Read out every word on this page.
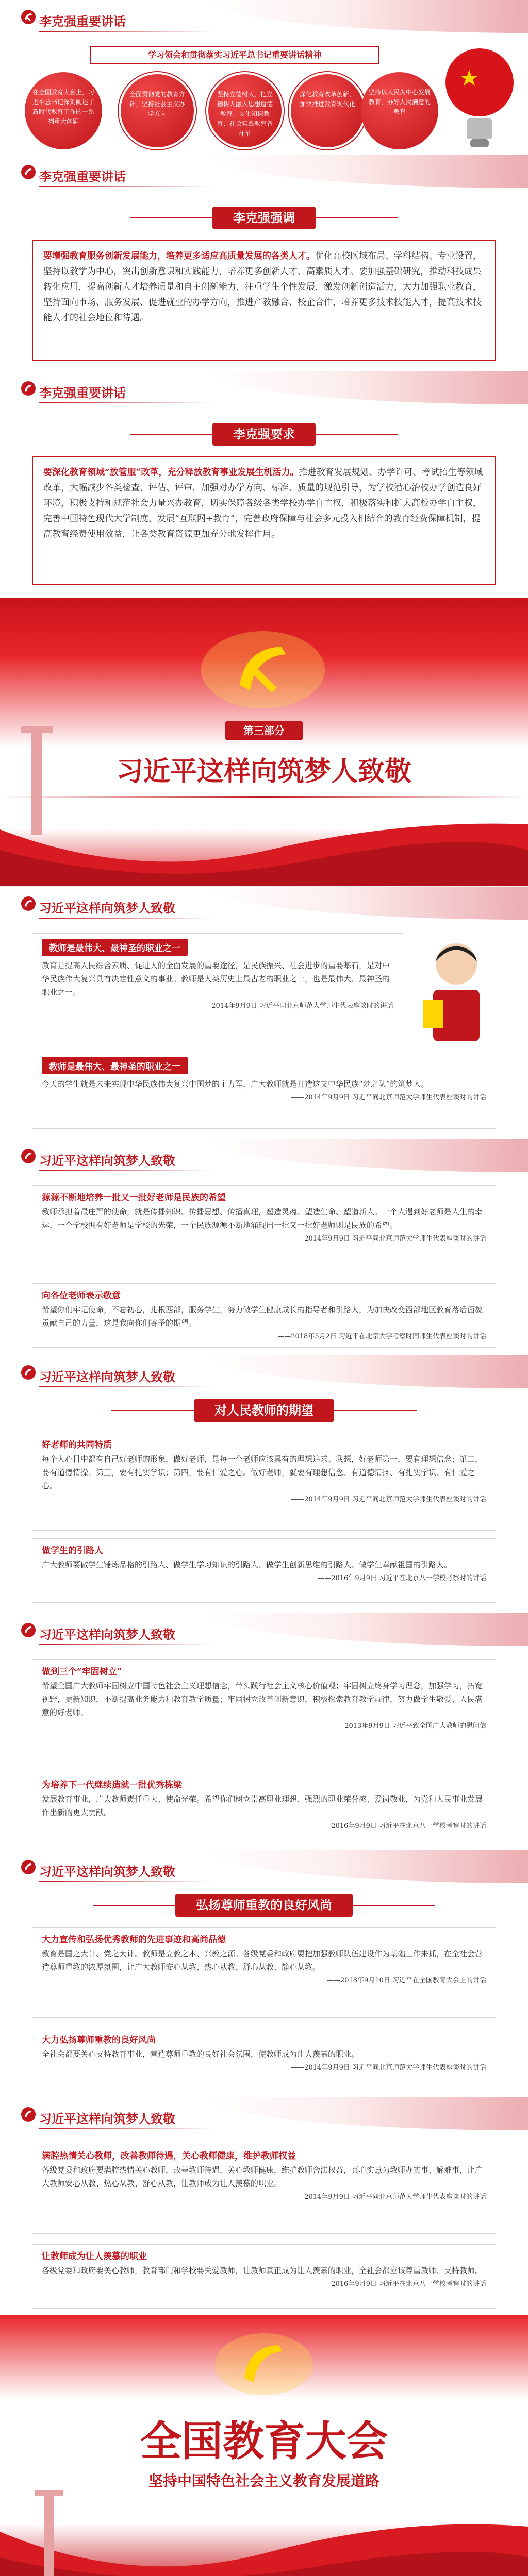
李克强重要讲话
学习领会和贯彻落实习近平总书记重要讲话精神
在全国教育大会上，习近平总书记深刻阐述了新时代教育工作的一系列重大问题
全面贯彻党的教育方针，坚持社会主义办学方向
坚持立德树人，把立德树人融入思想道德教育、文化知识教育、社会实践教育各环节
深化教育改革创新，加快推进教育现代化
坚持以人民为中心发展教育，办好人民满意的教育
李克强重要讲话
李克强强调
要增强教育服务创新发展能力，培养更多适应高质量发展的各类人才。优化高校区域布局、学科结构、专业设置，坚持以教学为中心，突出创新意识和实践能力，培养更多创新人才、高素质人才。要加强基础研究，推动科技成果转化应用，提高创新人才培养质量和自主创新能力，注重学生个性发展，激发创新创造活力，大力加强职业教育，坚持面向市场、服务发展、促进就业的办学方向，推进产教融合、校企合作，培养更多技术技能人才，提高技术技能人才的社会地位和待遇。
李克强重要讲话
李克强要求
要深化教育领域“放管服”改革，充分释放教育事业发展生机活力。推进教育发展规划、办学许可、考试招生等领域改革，大幅减少各类检查、评估、评审，加强对办学方向、标准、质量的规范引导，为学校潜心治校办学创造良好环境，积极支持和规范社会力量兴办教育，切实保障各级各类学校办学自主权，积极落实和扩大高校办学自主权，完善中国特色现代大学制度，发展“互联网+教育”，完善政府保障与社会多元投入相结合的教育经费保障机制，提高教育经费使用效益，让各类教育资源更加充分地发挥作用。
第三部分
习近平这样向筑梦人致敬
习近平这样向筑梦人致敬
教师是最伟大、最神圣的职业之一
教育是提高人民综合素质、促进人的全面发展的重要途径，是民族振兴、社会进步的重要基石，是对中华民族伟大复兴具有决定性意义的事业。教师是人类历史上最古老的职业之一，也是最伟大、最神圣的职业之一。
——2014年9月9日 习近平同北京师范大学师生代表座谈时的讲话
教师是最伟大、最神圣的职业之一
今天的学生就是未来实现中华民族伟大复兴中国梦的主力军，广大教师就是打造这支中华民族“梦之队”的筑梦人。
——2014年9月9日 习近平同北京师范大学师生代表座谈时的讲话
习近平这样向筑梦人致敬
源源不断地培养一批又一批好老师是民族的希望
教师承担着最庄严的使命，就是传播知识、传播思想、传播真理，塑造灵魂、塑造生命、塑造新人。一个人遇到好老师是人生的幸运，一个学校拥有好老师是学校的光荣，一个民族源源不断地涌现出一批又一批好老师则是民族的希望。
——2014年9月9日 习近平同北京师范大学师生代表座谈时的讲话
向各位老师表示敬意
希望你们牢记使命，不忘初心，扎根西部，服务学生，努力做学生健康成长的指导者和引路人，为加快改变西部地区教育落后面貌贡献自己的力量，这是我向你们寄予的期望。
——2018年5月2日 习近平在北京大学考察时同师生代表座谈时的讲话
习近平这样向筑梦人致敬
对人民教师的期望
好老师的共同特质
每个人心目中都有自己好老师的形象，做好老师，是每一个老师应该具有的理想追求。我想，好老师第一，要有理想信念；第二，要有道德情操；第三，要有扎实学识；第四，要有仁爱之心。做好老师，就要有理想信念、有道德情操、有扎实学识、有仁爱之心。
——2014年9月9日 习近平同北京师范大学师生代表座谈时的讲话
做学生的引路人
广大教师要做学生锤炼品格的引路人、做学生学习知识的引路人、做学生创新思维的引路人、做学生奉献祖国的引路人。
——2016年9月9日 习近平在北京八一学校考察时的讲话
习近平这样向筑梦人致敬
做到三个“牢固树立”
希望全国广大教师牢固树立中国特色社会主义理想信念，带头践行社会主义核心价值观；牢固树立终身学习理念，加强学习，拓宽视野，更新知识，不断提高业务能力和教育教学质量；牢固树立改革创新意识，积极探索教育教学规律，努力做学生敬爱、人民满意的好老师。
——2013年9月9日 习近平致全国广大教师的慰问信
为培养下一代继续造就一批优秀栋梁
发展教育事业，广大教师责任重大、使命光荣。希望你们树立崇高职业理想、强烈的职业荣誉感、爱岗敬业，为党和人民事业发展作出新的更大贡献。
——2016年9月9日 习近平在北京八一学校考察时的讲话
习近平这样向筑梦人致敬
弘扬尊师重教的良好风尚
大力宣传和弘扬优秀教师的先进事迹和高尚品德
教育是国之大计、党之大计。教师是立教之本、兴教之源。各级党委和政府要把加强教师队伍建设作为基础工作来抓，在全社会营造尊师重教的浓厚氛围，让广大教师安心从教、热心从教、舒心从教、静心从教。
——2018年9月10日 习近平在全国教育大会上的讲话
大力弘扬尊师重教的良好风尚
全社会都要关心支持教育事业，营造尊师重教的良好社会氛围，使教师成为让人羡慕的职业。
——2014年9月9日 习近平同北京师范大学师生代表座谈时的讲话
习近平这样向筑梦人致敬
满腔热情关心教师，改善教师待遇，关心教师健康，维护教师权益
各级党委和政府要满腔热情关心教师，改善教师待遇，关心教师健康，维护教师合法权益，真心实意为教师办实事、解难事，让广大教师安心从教、热心从教、舒心从教，让教师成为让人羡慕的职业。
——2014年9月9日 习近平同北京师范大学师生代表座谈时的讲话
让教师成为让人羡慕的职业
各级党委和政府要关心教师，教育部门和学校要关爱教师，让教师真正成为让人羡慕的职业，全社会都应该尊重教师、支持教师。
——2016年9月9日 习近平在北京八一学校考察时的讲话
全国教育大会
坚持中国特色社会主义教育发展道路
